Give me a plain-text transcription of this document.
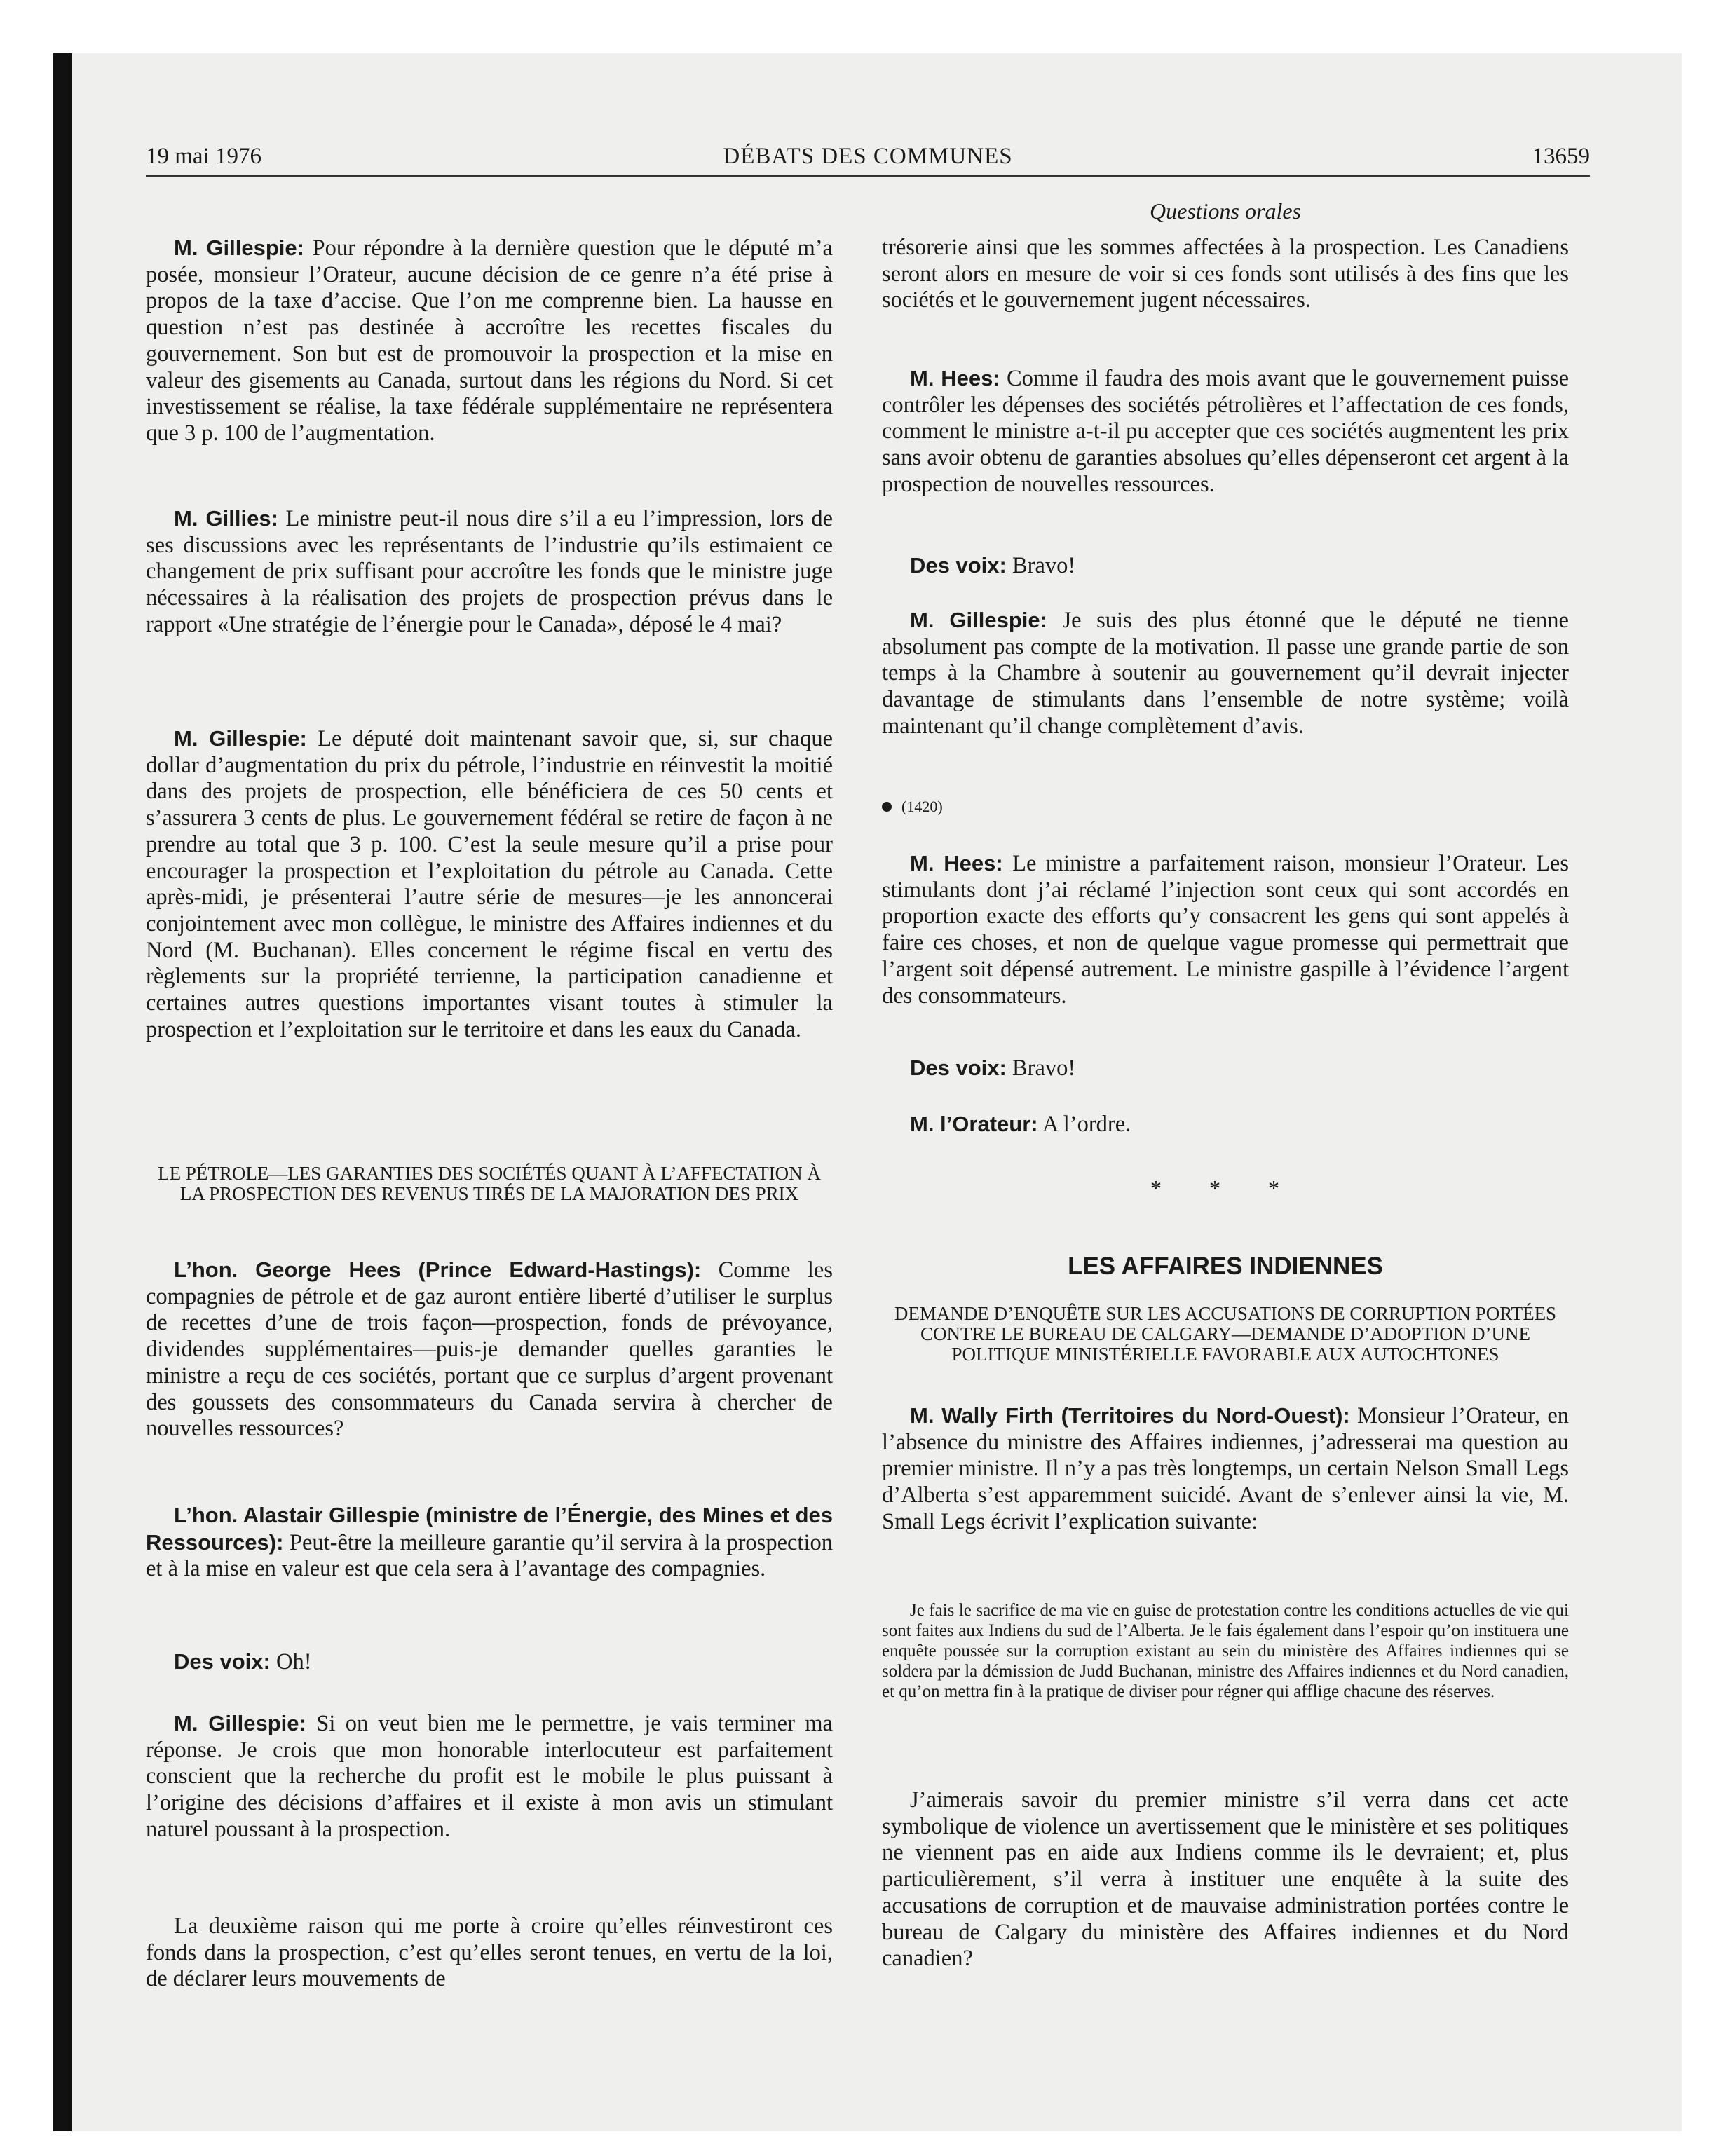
DÉBATS DES COMMUNES
19 mai 1976	13659
Questions orales

M. Gillespie: Pour répondre à la dernière question que le député m’a posée, monsieur l’Orateur, aucune décision de ce genre n’a été prise à propos de la taxe d’accise. Que l’on me comprenne bien. La hausse en question n’est pas destinée à accroître les recettes fiscales du gouvernement. Son but est de promouvoir la prospection et la mise en valeur des gisements au Canada, surtout dans les régions du Nord. Si cet investissement se réalise, la taxe fédérale supplémentaire ne représentera que 3 p. 100 de l’augmentation.

M. Gillies: Le ministre peut-il nous dire s’il a eu l’impression, lors de ses discussions avec les représentants de l’industrie qu’ils estimaient ce changement de prix suffisant pour accroître les fonds que le ministre juge nécessaires à la réalisation des projets de prospection prévus dans le rapport «Une stratégie de l’énergie pour le Canada», déposé le 4 mai?

M. Gillespie: Le député doit maintenant savoir que, si, sur chaque dollar d’augmentation du prix du pétrole, l’industrie en réinvestit la moitié dans des projets de prospection, elle bénéficiera de ces 50 cents et s’assurera 3 cents de plus. Le gouvernement fédéral se retire de façon à ne prendre au total que 3 p. 100. C’est la seule mesure qu’il a prise pour encourager la prospection et l’exploitation du pétrole au Canada. Cette après-midi, je présenterai l’autre série de mesures—je les annoncerai conjointement avec mon collègue, le ministre des Affaires indiennes et du Nord (M. Buchanan). Elles concernent le régime fiscal en vertu des règlements sur la propriété terrienne, la participation canadienne et certaines autres questions importantes visant toutes à stimuler la prospection et l’exploitation sur le territoire et dans les eaux du Canada.

LE PÉTROLE—LES GARANTIES DES SOCIÉTÉS QUANT À L’AFFECTATION À LA PROSPECTION DES REVENUS TIRÉS DE LA MAJORATION DES PRIX

L’hon. George Hees (Prince Edward-Hastings): Comme les compagnies de pétrole et de gaz auront entière liberté d’utiliser le surplus de recettes d’une de trois façon—prospection, fonds de prévoyance, dividendes supplémentaires—puis-je demander quelles garanties le ministre a reçu de ces sociétés, portant que ce surplus d’argent provenant des goussets des consommateurs du Canada servira à chercher de nouvelles ressources?

L’hon. Alastair Gillespie (ministre de l’Énergie, des Mines et des Ressources): Peut-être la meilleure garantie qu’il servira à la prospection et à la mise en valeur est que cela sera à l’avantage des compagnies.

Des voix: Oh!

M. Gillespie: Si on veut bien me le permettre, je vais terminer ma réponse. Je crois que mon honorable interlocuteur est parfaitement conscient que la recherche du profit est le mobile le plus puissant à l’origine des décisions d’affaires et il existe à mon avis un stimulant naturel poussant à la prospection.

La deuxième raison qui me porte à croire qu’elles réinvestiront ces fonds dans la prospection, c’est qu’elles seront tenues, en vertu de la loi, de déclarer leurs mouvements de

trésorerie ainsi que les sommes affectées à la prospection. Les Canadiens seront alors en mesure de voir si ces fonds sont utilisés à des fins que les sociétés et le gouvernement jugent nécessaires.

M. Hees: Comme il faudra des mois avant que le gouvernement puisse contrôler les dépenses des sociétés pétrolières et l’affectation de ces fonds, comment le ministre a-t-il pu accepter que ces sociétés augmentent les prix sans avoir obtenu de garanties absolues qu’elles dépenseront cet argent à la prospection de nouvelles ressources.

Des voix: Bravo!

M. Gillespie: Je suis des plus étonné que le député ne tienne absolument pas compte de la motivation. Il passe une grande partie de son temps à la Chambre à soutenir au gouvernement qu’il devrait injecter davantage de stimulants dans l’ensemble de notre système; voilà maintenant qu’il change complètement d’avis.

(1420)

M. Hees: Le ministre a parfaitement raison, monsieur l’Orateur. Les stimulants dont j’ai réclamé l’injection sont ceux qui sont accordés en proportion exacte des efforts qu’y consacrent les gens qui sont appelés à faire ces choses, et non de quelque vague promesse qui permettrait que l’argent soit dépensé autrement. Le ministre gaspille à l’évidence l’argent des consommateurs.

Des voix: Bravo!

M. l’Orateur: A l’ordre.

* * *

LES AFFAIRES INDIENNES

DEMANDE D’ENQUÊTE SUR LES ACCUSATIONS DE CORRUPTION PORTÉES CONTRE LE BUREAU DE CALGARY—DEMANDE D’ADOPTION D’UNE POLITIQUE MINISTÉRIELLE FAVORABLE AUX AUTOCHTONES

M. Wally Firth (Territoires du Nord-Ouest): Monsieur l’Orateur, en l’absence du ministre des Affaires indiennes, j’adresserai ma question au premier ministre. Il n’y a pas très longtemps, un certain Nelson Small Legs d’Alberta s’est apparemment suicidé. Avant de s’enlever ainsi la vie, M. Small Legs écrivit l’explication suivante:

Je fais le sacrifice de ma vie en guise de protestation contre les conditions actuelles de vie qui sont faites aux Indiens du sud de l’Alberta. Je le fais également dans l’espoir qu’on instituera une enquête poussée sur la corruption existant au sein du ministère des Affaires indiennes qui se soldera par la démission de Judd Buchanan, ministre des Affaires indiennes et du Nord canadien, et qu’on mettra fin à la pratique de diviser pour régner qui afflige chacune des réserves.

J’aimerais savoir du premier ministre s’il verra dans cet acte symbolique de violence un avertissement que le ministère et ses politiques ne viennent pas en aide aux Indiens comme ils le devraient; et, plus particulièrement, s’il verra à instituer une enquête à la suite des accusations de corruption et de mauvaise administration portées contre le bureau de Calgary du ministère des Affaires indiennes et du Nord canadien?
